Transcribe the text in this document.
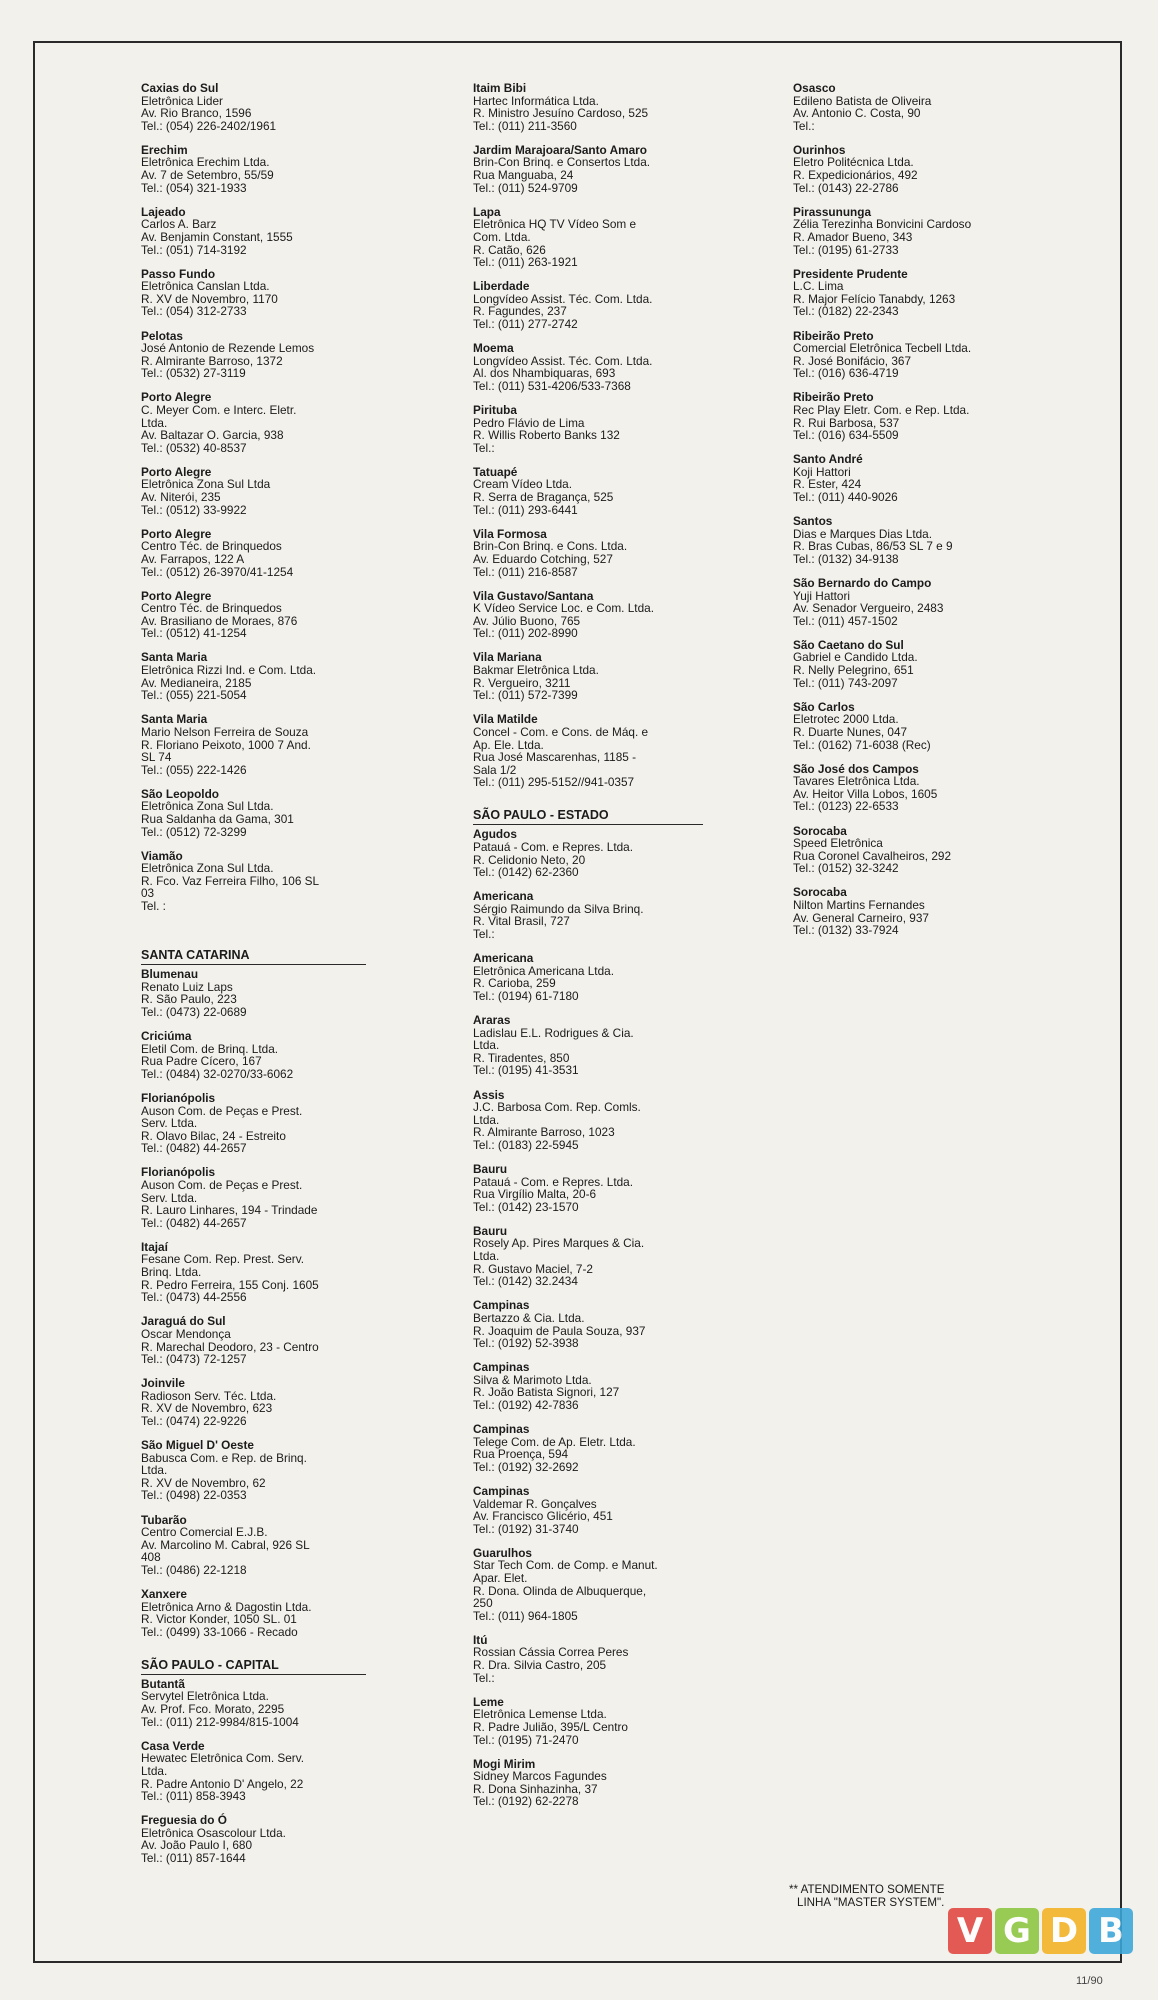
Caxias do Sul
Eletrônica Lider
Av. Rio Branco, 1596
Tel.: (054) 226-2402/1961
Erechim
Eletrônica Erechim Ltda.
Av. 7 de Setembro, 55/59
Tel.: (054) 321-1933
Lajeado
Carlos A. Barz
Av. Benjamin Constant, 1555
Tel.: (051) 714-3192
Passo Fundo
Eletrônica Canslan Ltda.
R. XV de Novembro, 1170
Tel.: (054) 312-2733
Pelotas
José Antonio de Rezende Lemos
R. Almirante Barroso, 1372
Tel.: (0532) 27-3119
Porto Alegre
C. Meyer Com. e Interc. Eletr.
Ltda.
Av. Baltazar O. Garcia, 938
Tel.: (0532) 40-8537
Porto Alegre
Eletrônica Zona Sul Ltda
Av. Niterói, 235
Tel.: (0512) 33-9922
Porto Alegre
Centro Téc. de Brinquedos
Av. Farrapos, 122 A
Tel.: (0512) 26-3970/41-1254
Porto Alegre
Centro Téc. de Brinquedos
Av. Brasiliano de Moraes, 876
Tel.: (0512) 41-1254
Santa Maria
Eletrônica Rizzi Ind. e Com. Ltda.
Av. Medianeira, 2185
Tel.: (055) 221-5054
Santa Maria
Mario Nelson Ferreira de Souza
R. Floriano Peixoto, 1000 7 And.
SL 74
Tel.: (055) 222-1426
São Leopoldo
Eletrônica Zona Sul Ltda.
Rua Saldanha da Gama, 301
Tel.: (0512) 72-3299
Viamão
Eletrônica Zona Sul Ltda.
R. Fco. Vaz Ferreira Filho, 106 SL
03
Tel. :
SANTA CATARINA
Blumenau
Renato Luiz Laps
R. São Paulo, 223
Tel.: (0473) 22-0689
Criciúma
Eletil Com. de Brinq. Ltda.
Rua Padre Cícero, 167
Tel.: (0484) 32-0270/33-6062
Florianópolis
Auson Com. de Peças e Prest.
Serv. Ltda.
R. Olavo Bilac, 24 - Estreito
Tel.: (0482) 44-2657
Florianópolis
Auson Com. de Peças e Prest.
Serv. Ltda.
R. Lauro Linhares, 194 - Trindade
Tel.: (0482) 44-2657
Itajaí
Fesane Com. Rep. Prest. Serv.
Brinq. Ltda.
R. Pedro Ferreira, 155 Conj. 1605
Tel.: (0473) 44-2556
Jaraguá do Sul
Oscar Mendonça
R. Marechal Deodoro, 23 - Centro
Tel.: (0473) 72-1257
Joinvile
Radioson Serv. Téc. Ltda.
R. XV de Novembro, 623
Tel.: (0474) 22-9226
São Miguel D' Oeste
Babusca Com. e Rep. de Brinq.
Ltda.
R. XV de Novembro, 62
Tel.: (0498) 22-0353
Tubarão
Centro Comercial E.J.B.
Av. Marcolino M. Cabral, 926 SL
408
Tel.: (0486) 22-1218
Xanxere
Eletrônica Arno & Dagostin Ltda.
R. Victor Konder, 1050 SL. 01
Tel.: (0499) 33-1066 - Recado
SÃO PAULO - CAPITAL
Butantã
Servytel Eletrônica Ltda.
Av. Prof. Fco. Morato, 2295
Tel.: (011) 212-9984/815-1004
Casa Verde
Hewatec Eletrônica Com. Serv.
Ltda.
R. Padre Antonio D' Angelo, 22
Tel.: (011) 858-3943
Freguesia do Ó
Eletrônica Osascolour Ltda.
Av. João Paulo I, 680
Tel.: (011) 857-1644
Itaim Bibi
Hartec Informática Ltda.
R. Ministro Jesuíno Cardoso, 525
Tel.: (011) 211-3560
Jardim Marajoara/Santo Amaro
Brin-Con Brinq. e Consertos Ltda.
Rua Manguaba, 24
Tel.: (011) 524-9709
Lapa
Eletrônica HQ TV Vídeo Som e
Com. Ltda.
R. Catão, 626
Tel.: (011) 263-1921
Liberdade
Longvídeo Assist. Téc. Com. Ltda.
R. Fagundes, 237
Tel.: (011) 277-2742
Moema
Longvídeo Assist. Téc. Com. Ltda.
Al. dos Nhambiquaras, 693
Tel.: (011) 531-4206/533-7368
Pirituba
Pedro Flávio de Lima
R. Willis Roberto Banks 132
Tel.:
Tatuapé
Cream Vídeo Ltda.
R. Serra de Bragança, 525
Tel.: (011) 293-6441
Vila Formosa
Brin-Con Brinq. e Cons. Ltda.
Av. Eduardo Cotching, 527
Tel.: (011) 216-8587
Vila Gustavo/Santana
K Vídeo Service Loc. e Com. Ltda.
Av. Júlio Buono, 765
Tel.: (011) 202-8990
Vila Mariana
Bakmar Eletrônica Ltda.
R. Vergueiro, 3211
Tel.: (011) 572-7399
Vila Matilde
Concel - Com. e Cons. de Máq. e
Ap. Ele. Ltda.
Rua José Mascarenhas, 1185 -
Sala 1/2
Tel.: (011) 295-5152//941-0357
SÃO PAULO - ESTADO
Agudos
Patauá - Com. e Repres. Ltda.
R. Celidonio Neto, 20
Tel.: (0142) 62-2360
Americana
Sérgio Raimundo da Silva Brinq.
R. Vital Brasil, 727
Tel.:
Americana
Eletrônica Americana Ltda.
R. Carioba, 259
Tel.: (0194) 61-7180
Araras
Ladislau E.L. Rodrigues & Cia.
Ltda.
R. Tiradentes, 850
Tel.: (0195) 41-3531
Assis
J.C. Barbosa Com. Rep. Comls.
Ltda.
R. Almirante Barroso, 1023
Tel.: (0183) 22-5945
Bauru
Patauá - Com. e Repres. Ltda.
Rua Virgílio Malta, 20-6
Tel.: (0142) 23-1570
Bauru
Rosely Ap. Pires Marques & Cia.
Ltda.
R. Gustavo Maciel, 7-2
Tel.: (0142) 32.2434
Campinas
Bertazzo & Cia. Ltda.
R. Joaquim de Paula Souza, 937
Tel.: (0192) 52-3938
Campinas
Silva & Marimoto Ltda.
R. João Batista Signori, 127
Tel.: (0192) 42-7836
Campinas
Telege Com. de Ap. Eletr. Ltda.
Rua Proença, 594
Tel.: (0192) 32-2692
Campinas
Valdemar R. Gonçalves
Av. Francisco Glicério, 451
Tel.: (0192) 31-3740
Guarulhos
Star Tech Com. de Comp. e Manut.
Apar. Elet.
R. Dona. Olinda de Albuquerque,
250
Tel.: (011) 964-1805
Itú
Rossian Cássia Correa Peres
R. Dra. Silvia Castro, 205
Tel.:
Leme
Eletrônica Lemense Ltda.
R. Padre Julião, 395/L Centro
Tel.: (0195) 71-2470
Mogi Mirim
Sidney Marcos Fagundes
R. Dona Sinhazinha, 37
Tel.: (0192) 62-2278
Osasco
Edileno Batista de Oliveira
Av. Antonio C. Costa, 90
Tel.:
Ourinhos
Eletro Politécnica Ltda.
R. Expedicionários, 492
Tel.: (0143) 22-2786
Pirassununga
Zélia Terezinha Bonvicini Cardoso
R. Amador Bueno, 343
Tel.: (0195) 61-2733
Presidente Prudente
L.C. Lima
R. Major Felício Tanabdy, 1263
Tel.: (0182) 22-2343
Ribeirão Preto
Comercial Eletrônica Tecbell Ltda.
R. José Bonifácio, 367
Tel.: (016) 636-4719
Ribeirão Preto
Rec Play Eletr. Com. e Rep. Ltda.
R. Rui Barbosa, 537
Tel.: (016) 634-5509
Santo André
Koji Hattori
R. Ester, 424
Tel.: (011) 440-9026
Santos
Dias e Marques Dias Ltda.
R. Bras Cubas, 86/53 SL 7 e 9
Tel.: (0132) 34-9138
São Bernardo do Campo
Yuji Hattori
Av. Senador Vergueiro, 2483
Tel.: (011) 457-1502
São Caetano do Sul
Gabriel e Candido Ltda.
R. Nelly Pelegrino, 651
Tel.: (011) 743-2097
São Carlos
Eletrotec 2000 Ltda.
R. Duarte Nunes, 047
Tel.: (0162) 71-6038 (Rec)
São José dos Campos
Tavares Eletrônica Ltda.
Av. Heitor Villa Lobos, 1605
Tel.: (0123) 22-6533
Sorocaba
Speed Eletrônica
Rua Coronel Cavalheiros, 292
Tel.: (0152) 32-3242
Sorocaba
Nilton Martins Fernandes
Av. General Carneiro, 937
Tel.: (0132) 33-7924
** ATENDIMENTO SOMENTE
LINHA "MASTER SYSTEM".
V G D B
11/90
